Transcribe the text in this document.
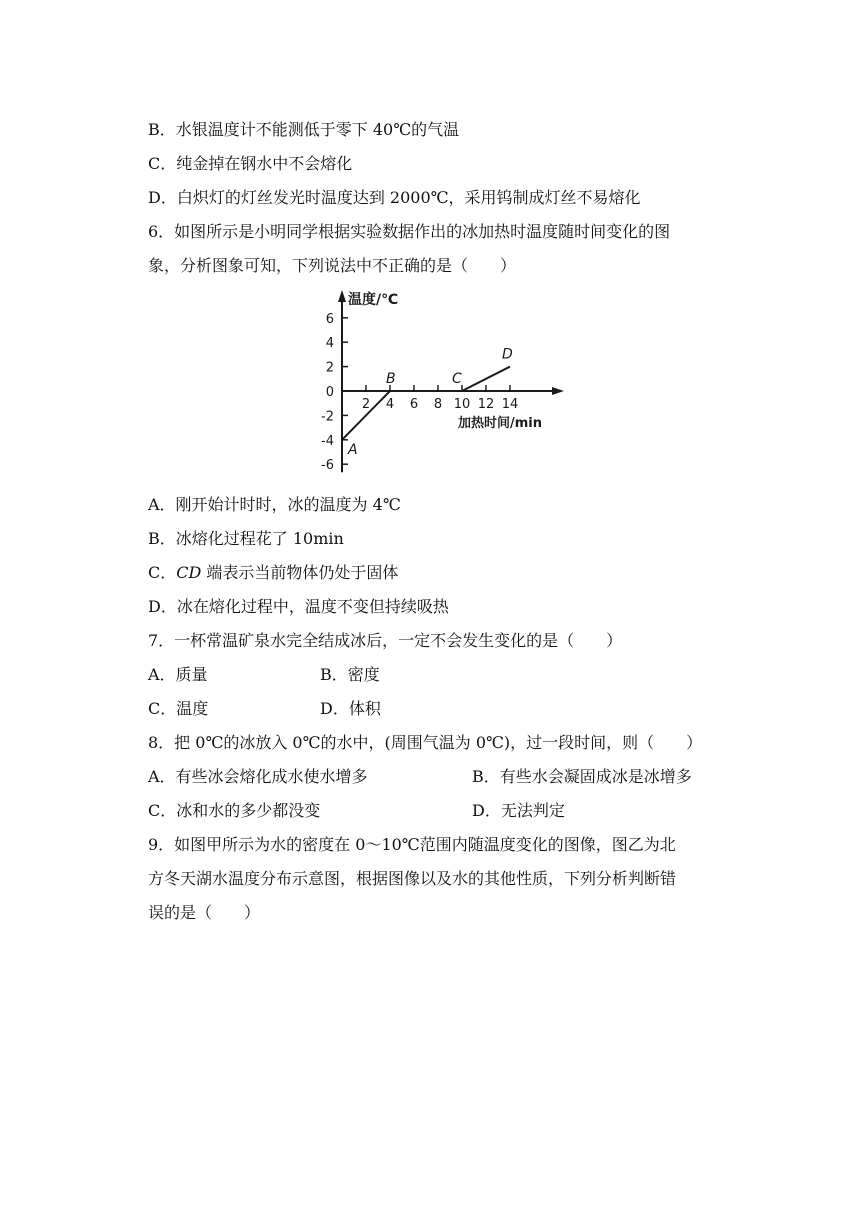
B．水银温度计不能测低于零下 40℃的气温
C．纯金掉在钢水中不会熔化
D．白炽灯的灯丝发光时温度达到 2000℃，采用钨制成灯丝不易熔化
6．如图所示是小明同学根据实验数据作出的冰加热时温度随时间变化的图
象，分析图象可知，下列说法中不正确的是（　　）
6
4
2
0
-2
-4
-6
2 4 6 8 10 12 14
温度/℃
加热时间/min
A
B	C
D
A．刚开始计时时，冰的温度为 4℃
B．冰熔化过程花了 10min
C．CD 端表示当前物体仍处于固体
D．冰在熔化过程中，温度不变但持续吸热
7．一杯常温矿泉水完全结成冰后，一定不会发生变化的是（　　）
A．质量	B．密度
C．温度	D．体积
8．把 0℃的冰放入 0℃的水中，(周围气温为 0℃)，过一段时间，则（　　）
A．有些冰会熔化成水使水增多	B．有些水会凝固成冰是冰增多
C．冰和水的多少都没变	D．无法判定
9．如图甲所示为水的密度在 0～10℃范围内随温度变化的图像，图乙为北
方冬天湖水温度分布示意图，根据图像以及水的其他性质，下列分析判断错
误的是（　　）
